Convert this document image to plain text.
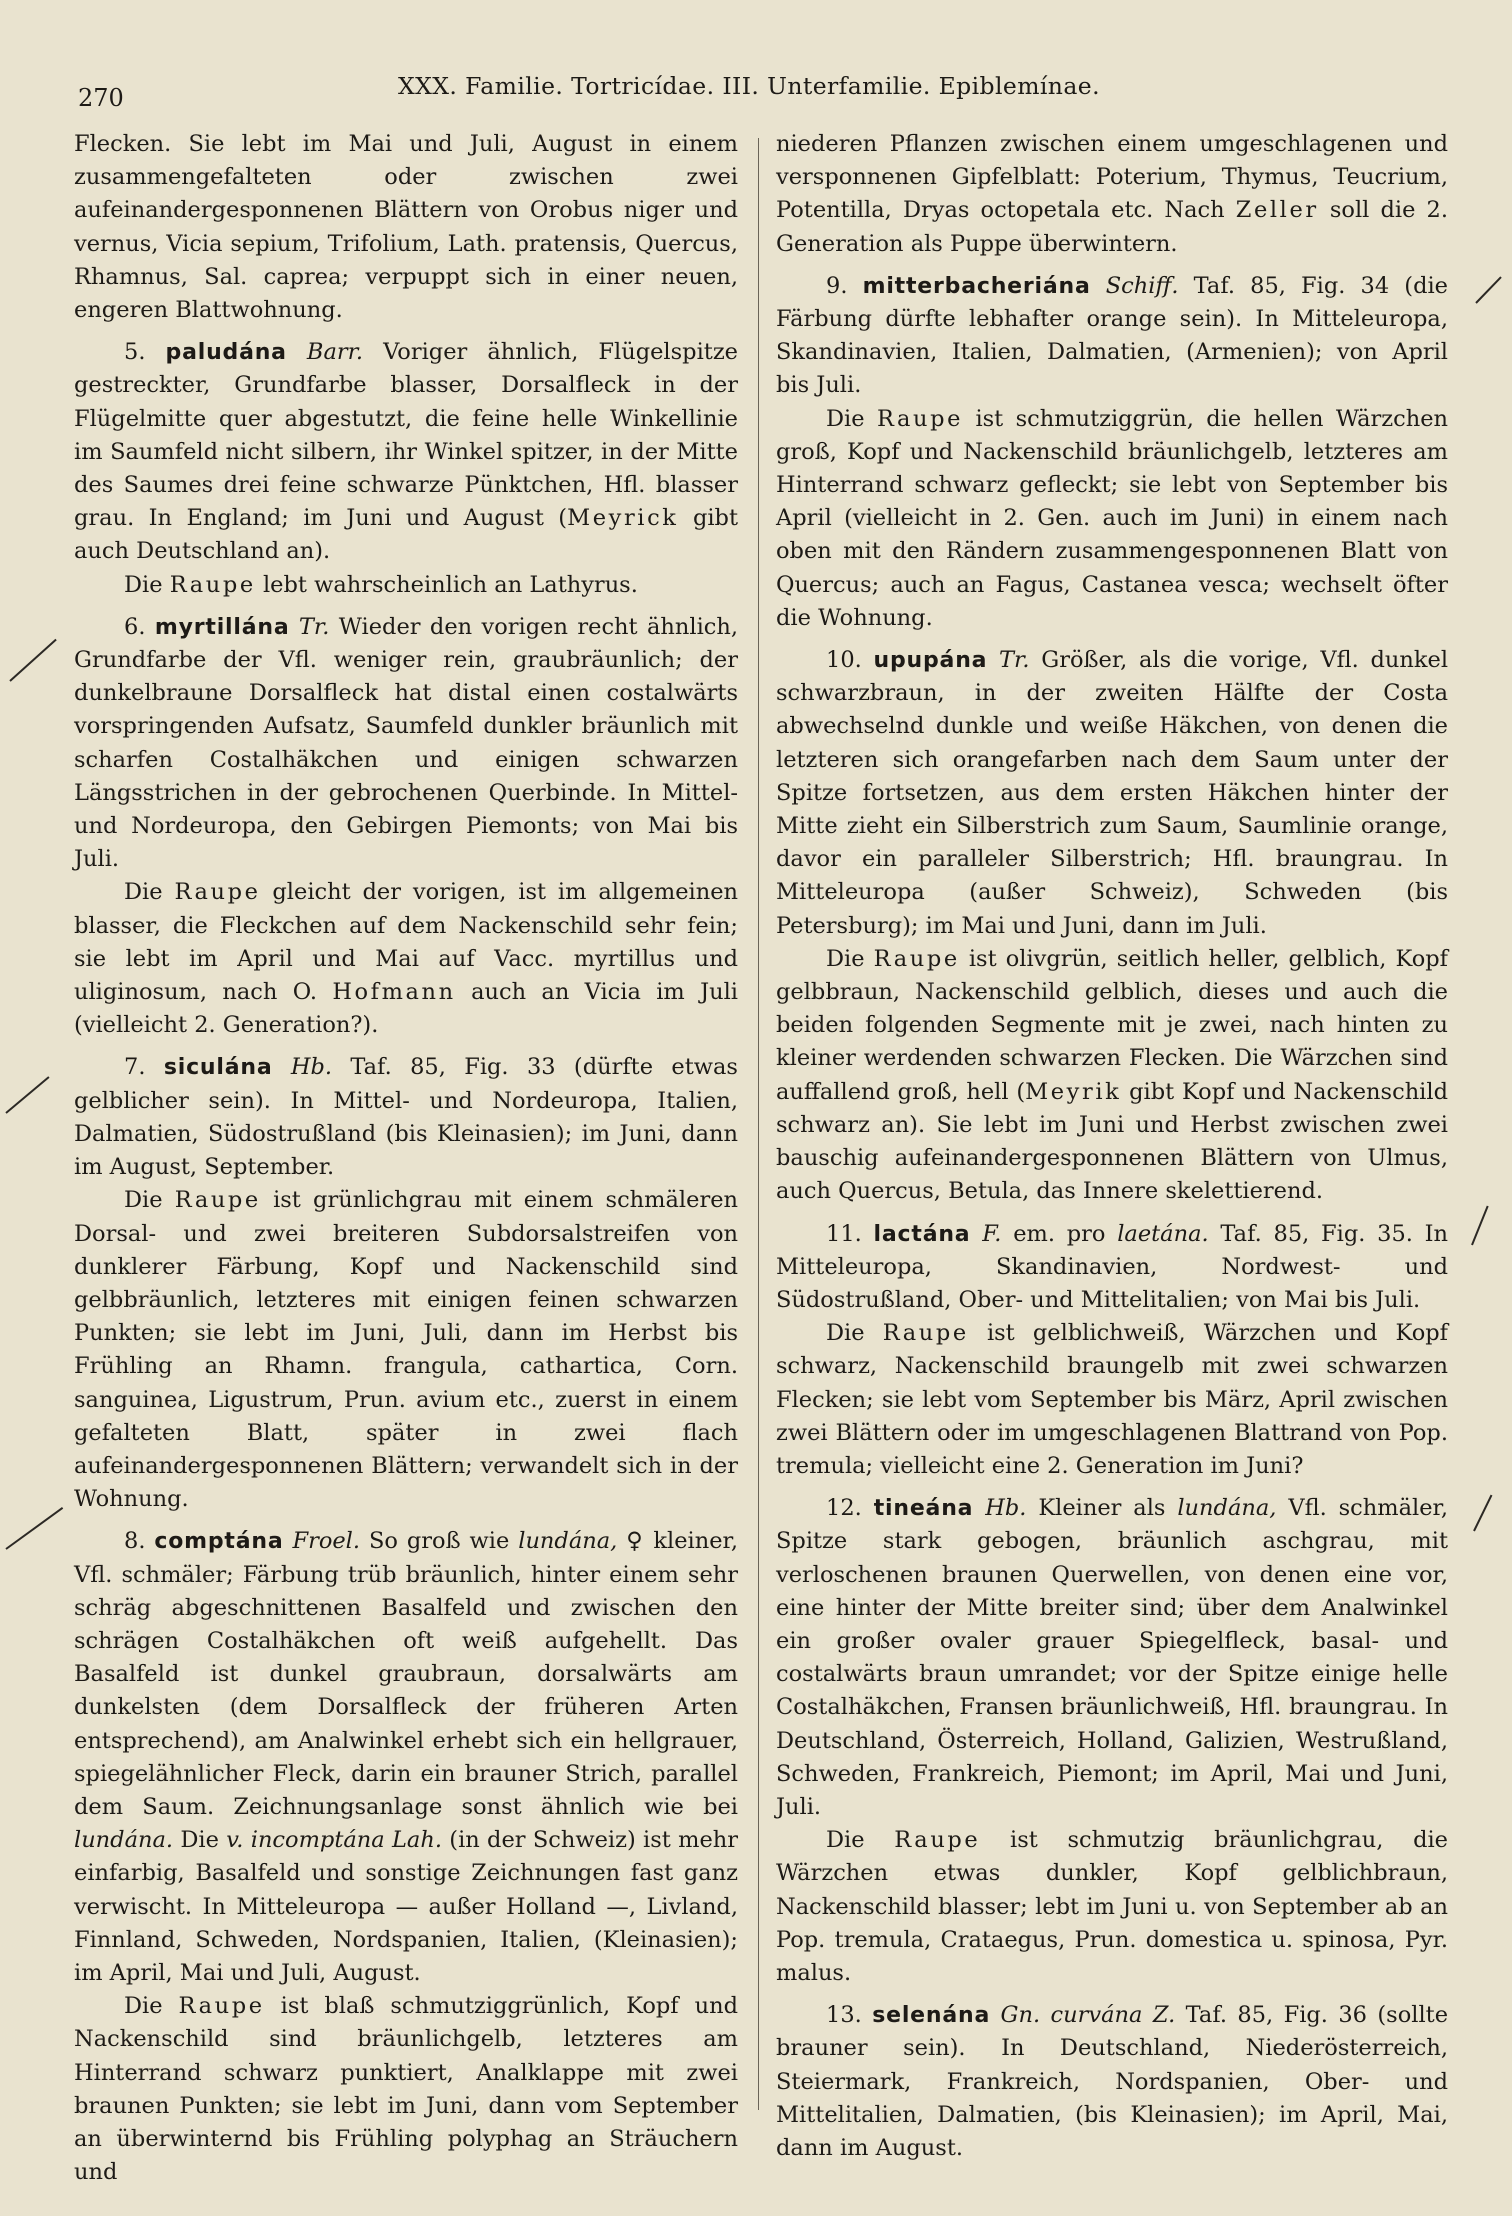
270	XXX. Familie. Tortricídae. III. Unterfamilie. Epiblemínae.

Flecken. Sie lebt im Mai und Juli, August in einem zusammengefalteten oder zwischen zwei aufeinandergesponnenen Blättern von Orobus niger und vernus, Vicia sepium, Trifolium, Lath. pratensis, Quercus, Rhamnus, Sal. caprea; verpuppt sich in einer neuen, engeren Blattwohnung.

5. paludána Barr. Voriger ähnlich, Flügelspitze gestreckter, Grundfarbe blasser, Dorsalfleck in der Flügelmitte quer abgestutzt, die feine helle Winkellinie im Saumfeld nicht silbern, ihr Winkel spitzer, in der Mitte des Saumes drei feine schwarze Pünktchen, Hfl. blasser grau. In England; im Juni und August (Meyrick gibt auch Deutschland an).

Die Raupe lebt wahrscheinlich an Lathyrus.

6. myrtillána Tr. Wieder den vorigen recht ähnlich, Grundfarbe der Vfl. weniger rein, graubräunlich; der dunkelbraune Dorsalfleck hat distal einen costalwärts vorspringenden Aufsatz, Saumfeld dunkler bräunlich mit scharfen Costalhäkchen und einigen schwarzen Längsstrichen in der gebrochenen Querbinde. In Mittel- und Nordeuropa, den Gebirgen Piemonts; von Mai bis Juli.

Die Raupe gleicht der vorigen, ist im allgemeinen blasser, die Fleckchen auf dem Nackenschild sehr fein; sie lebt im April und Mai auf Vacc. myrtillus und uliginosum, nach O. Hofmann auch an Vicia im Juli (vielleicht 2. Generation?).

7. siculána Hb. Taf. 85, Fig. 33 (dürfte etwas gelblicher sein). In Mittel- und Nordeuropa, Italien, Dalmatien, Südostrußland (bis Kleinasien); im Juni, dann im August, September.

Die Raupe ist grünlichgrau mit einem schmäleren Dorsal- und zwei breiteren Subdorsalstreifen von dunklerer Färbung, Kopf und Nackenschild sind gelbbräunlich, letzteres mit einigen feinen schwarzen Punkten; sie lebt im Juni, Juli, dann im Herbst bis Frühling an Rhamn. frangula, cathartica, Corn. sanguinea, Ligustrum, Prun. avium etc., zuerst in einem gefalteten Blatt, später in zwei flach aufeinandergesponnenen Blättern; verwandelt sich in der Wohnung.

8. comptána Froel. So groß wie lundána, ♀ kleiner, Vfl. schmäler; Färbung trüb bräunlich, hinter einem sehr schräg abgeschnittenen Basalfeld und zwischen den schrägen Costalhäkchen oft weiß aufgehellt. Das Basalfeld ist dunkel graubraun, dorsalwärts am dunkelsten (dem Dorsalfleck der früheren Arten entsprechend), am Analwinkel erhebt sich ein hellgrauer, spiegelähnlicher Fleck, darin ein brauner Strich, parallel dem Saum. Zeichnungsanlage sonst ähnlich wie bei lundána. Die v. incomptána Lah. (in der Schweiz) ist mehr einfarbig, Basalfeld und sonstige Zeichnungen fast ganz verwischt. In Mitteleuropa — außer Holland —, Livland, Finnland, Schweden, Nordspanien, Italien, (Kleinasien); im April, Mai und Juli, August.

Die Raupe ist blaß schmutziggrünlich, Kopf und Nackenschild sind bräunlichgelb, letzteres am Hinterrand schwarz punktiert, Analklappe mit zwei braunen Punkten; sie lebt im Juni, dann vom September an überwinternd bis Frühling polyphag an Sträuchern und

niederen Pflanzen zwischen einem umgeschlagenen und versponnenen Gipfelblatt: Poterium, Thymus, Teucrium, Potentilla, Dryas octopetala etc. Nach Zeller soll die 2. Generation als Puppe überwintern.

9. mitterbacheriána Schiff. Taf. 85, Fig. 34 (die Färbung dürfte lebhafter orange sein). In Mitteleuropa, Skandinavien, Italien, Dalmatien, (Armenien); von April bis Juli.

Die Raupe ist schmutziggrün, die hellen Wärzchen groß, Kopf und Nackenschild bräunlichgelb, letzteres am Hinterrand schwarz gefleckt; sie lebt von September bis April (vielleicht in 2. Gen. auch im Juni) in einem nach oben mit den Rändern zusammengesponnenen Blatt von Quercus; auch an Fagus, Castanea vesca; wechselt öfter die Wohnung.

10. upupána Tr. Größer, als die vorige, Vfl. dunkel schwarzbraun, in der zweiten Hälfte der Costa abwechselnd dunkle und weiße Häkchen, von denen die letzteren sich orangefarben nach dem Saum unter der Spitze fortsetzen, aus dem ersten Häkchen hinter der Mitte zieht ein Silberstrich zum Saum, Saumlinie orange, davor ein paralleler Silberstrich; Hfl. braungrau. In Mitteleuropa (außer Schweiz), Schweden (bis Petersburg); im Mai und Juni, dann im Juli.

Die Raupe ist olivgrün, seitlich heller, gelblich, Kopf gelbbraun, Nackenschild gelblich, dieses und auch die beiden folgenden Segmente mit je zwei, nach hinten zu kleiner werdenden schwarzen Flecken. Die Wärzchen sind auffallend groß, hell (Meyrik gibt Kopf und Nackenschild schwarz an). Sie lebt im Juni und Herbst zwischen zwei bauschig aufeinandergesponnenen Blättern von Ulmus, auch Quercus, Betula, das Innere skelettierend.

11. lactána F. em. pro laetána. Taf. 85, Fig. 35. In Mitteleuropa, Skandinavien, Nordwest- und Südostrußland, Ober- und Mittelitalien; von Mai bis Juli.

Die Raupe ist gelblichweiß, Wärzchen und Kopf schwarz, Nackenschild braungelb mit zwei schwarzen Flecken; sie lebt vom September bis März, April zwischen zwei Blättern oder im umgeschlagenen Blattrand von Pop. tremula; vielleicht eine 2. Generation im Juni?

12. tineána Hb. Kleiner als lundána, Vfl. schmäler, Spitze stark gebogen, bräunlich aschgrau, mit verloschenen braunen Querwellen, von denen eine vor, eine hinter der Mitte breiter sind; über dem Analwinkel ein großer ovaler grauer Spiegelfleck, basal- und costalwärts braun umrandet; vor der Spitze einige helle Costalhäkchen, Fransen bräunlichweiß, Hfl. braungrau. In Deutschland, Österreich, Holland, Galizien, Westrußland, Schweden, Frankreich, Piemont; im April, Mai und Juni, Juli.

Die Raupe ist schmutzig bräunlichgrau, die Wärzchen etwas dunkler, Kopf gelblichbraun, Nackenschild blasser; lebt im Juni u. von September ab an Pop. tremula, Crataegus, Prun. domestica u. spinosa, Pyr. malus.

13. selenána Gn. curvána Z. Taf. 85, Fig. 36 (sollte brauner sein). In Deutschland, Niederösterreich, Steiermark, Frankreich, Nordspanien, Ober- und Mittelitalien, Dalmatien, (bis Kleinasien); im April, Mai, dann im August.
